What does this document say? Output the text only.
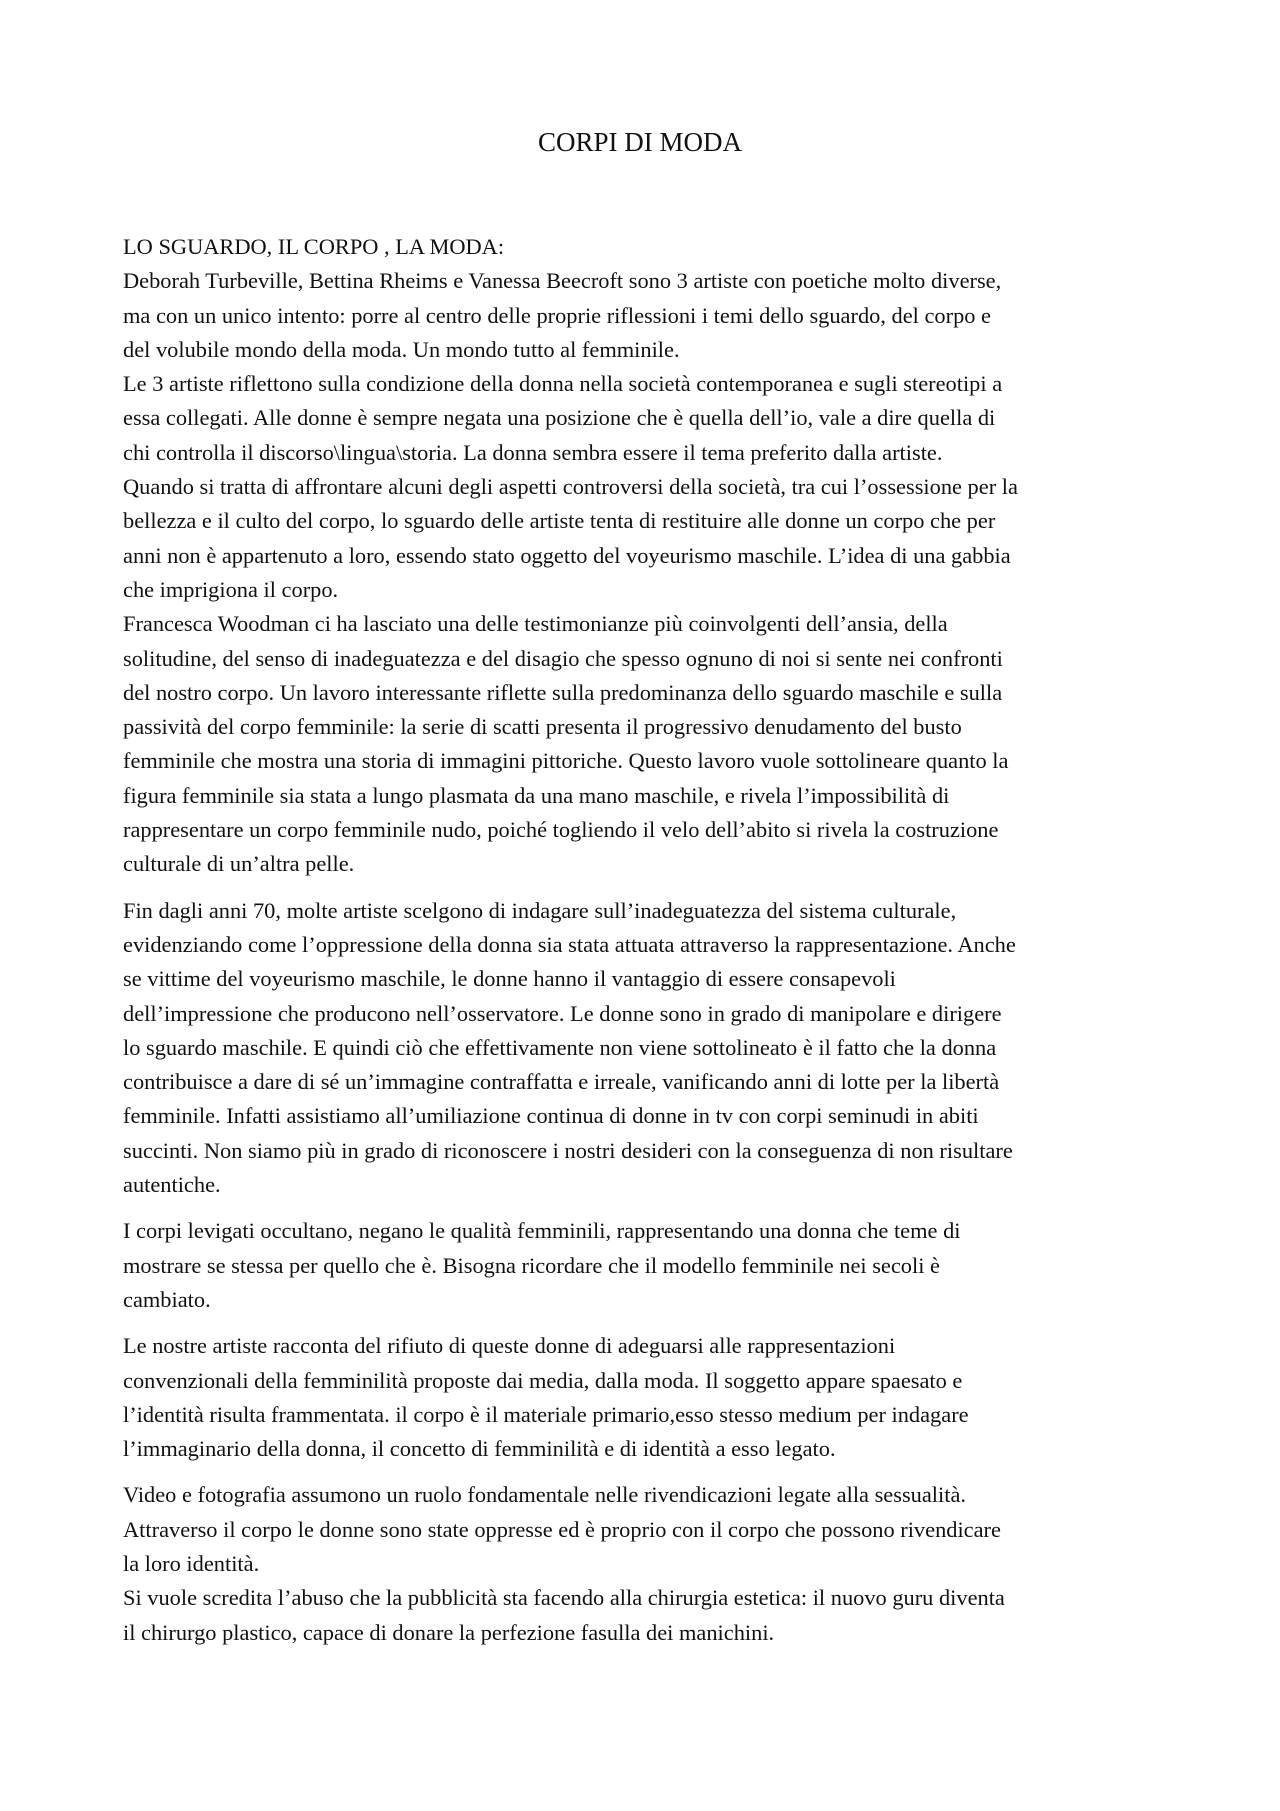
CORPI DI MODA
LO SGUARDO, IL CORPO , LA MODA:
Deborah Turbeville, Bettina Rheims e Vanessa Beecroft sono 3 artiste con poetiche molto diverse,
ma con un unico intento: porre al centro delle proprie riflessioni i temi dello sguardo, del corpo e
del volubile mondo della moda. Un mondo tutto al femminile.
Le 3 artiste riflettono sulla condizione della donna nella società contemporanea e sugli stereotipi a
essa collegati. Alle donne è sempre negata una posizione che è quella dell’io, vale a dire quella di
chi controlla il discorso\lingua\storia. La donna sembra essere il tema preferito dalla artiste.
Quando si tratta di affrontare alcuni degli aspetti controversi della società, tra cui l’ossessione per la
bellezza e il culto del corpo, lo sguardo delle artiste tenta di restituire alle donne un corpo che per
anni non è appartenuto a loro, essendo stato oggetto del voyeurismo maschile. L’idea di una gabbia
che imprigiona il corpo.
Francesca Woodman ci ha lasciato una delle testimonianze più coinvolgenti dell’ansia, della
solitudine, del senso di inadeguatezza e del disagio che spesso ognuno di noi si sente nei confronti
del nostro corpo. Un lavoro interessante riflette sulla predominanza dello sguardo maschile e sulla
passività del corpo femminile: la serie di scatti presenta il progressivo denudamento del busto
femminile che mostra una storia di immagini pittoriche. Questo lavoro vuole sottolineare quanto la
figura femminile sia stata a lungo plasmata da una mano maschile, e rivela l’impossibilità di
rappresentare un corpo femminile nudo, poiché togliendo il velo dell’abito si rivela la costruzione
culturale di un’altra pelle.
Fin dagli anni 70, molte artiste scelgono di indagare sull’inadeguatezza del sistema culturale,
evidenziando come l’oppressione della donna sia stata attuata attraverso la rappresentazione. Anche
se vittime del voyeurismo maschile, le donne hanno il vantaggio di essere consapevoli
dell’impressione che producono nell’osservatore. Le donne sono in grado di manipolare e dirigere
lo sguardo maschile. E quindi ciò che effettivamente non viene sottolineato è il fatto che la donna
contribuisce a dare di sé un’immagine contraffatta e irreale, vanificando anni di lotte per la libertà
femminile. Infatti assistiamo all’umiliazione continua di donne in tv con corpi seminudi in abiti
succinti. Non siamo più in grado di riconoscere i nostri desideri con la conseguenza di non risultare
autentiche.
I corpi levigati occultano, negano le qualità femminili, rappresentando una donna che teme di
mostrare se stessa per quello che è. Bisogna ricordare che il modello femminile nei secoli è
cambiato.
Le nostre artiste racconta del rifiuto di queste donne di adeguarsi alle rappresentazioni
convenzionali della femminilità proposte dai media, dalla moda. Il soggetto appare spaesato e
l’identità risulta frammentata. il corpo è il materiale primario,esso stesso medium per indagare
l’immaginario della donna, il concetto di femminilità e di identità a esso legato.
Video e fotografia assumono un ruolo fondamentale nelle rivendicazioni legate alla sessualità.
Attraverso il corpo le donne sono state oppresse ed è proprio con il corpo che possono rivendicare
la loro identità.
Si vuole scredita l’abuso che la pubblicità sta facendo alla chirurgia estetica: il nuovo guru diventa
il chirurgo plastico, capace di donare la perfezione fasulla dei manichini.
